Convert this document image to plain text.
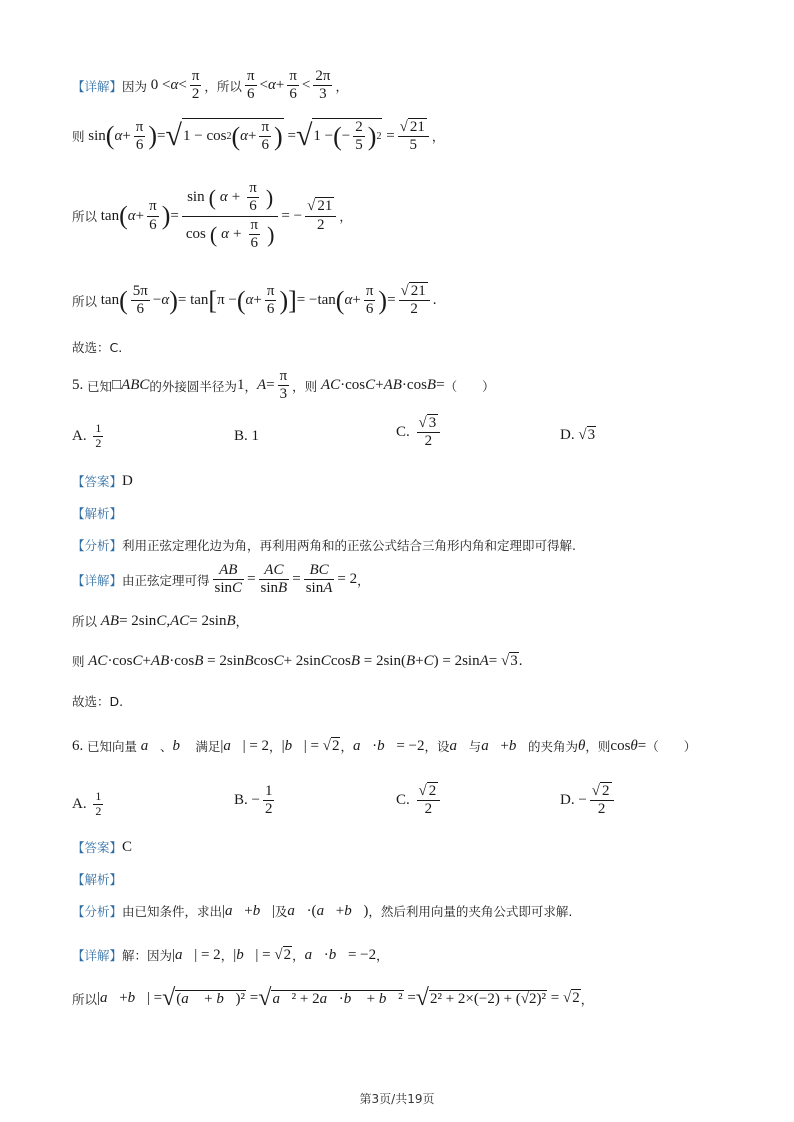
【详解】 因为 0 < α <
π
2 ，所以
π
6
< α +
π
6
<
2π
3 ，
则 sin ( α +
π
6 ) = √ 1 − cos 2 ( α +
π
6 ) = √ 1 − ( −
2
5 ) 2 =
√ 21
5 ，
所以 tan ( α +
π
6 ) =
sin ( α +
π
6 )
cos ( α +
π
6 )
= −
√ 21
2 ，
所以 tan ( 5π
6
− α ) = tan [ π − ( α +
π
6 )] = −tan ( α +
π
6 ) =
√ 21
2
.
故选：C.
5. 已知 □ ABC 的外接圆半径为 1 ， A =
π
3 ，则 AC ·cos C + AB ·cos B = （　　）
A. 1
2	B. 1	C.
√ 3
2	D. √3
【答案】 D
【解析】
【分析】 利用正弦定理化边为角，再利用两角和的正弦公式结合三角形内角和定理即可得解.
【详解】 由正弦定理可得
AB
sinC
=
AC
sinB
=
BC
sinA
= 2 ，
所以 AB = 2sin C , AC = 2sin B ，
则 AC ·cos C + AB ·cos B = 2sin B cos C + 2sin C cos B = 2sin( B + C ) = 2sin A = √3.
故选：D.
6. 已知向量 a⃗ 、 b⃗ 满足 | a⃗ | = 2 ， | b⃗ | = √2 ， a⃗ · b⃗ = −2 ，设 a⃗ 与 a⃗ + b⃗ 的夹角为 θ ，则 cos θ = （　　）
A. 1
2
B. −
1
2
C.
√ 2
2
D. −
√ 2
2
【答案】 C
【解析】
【分析】 由已知条件，求出 | a⃗ + b⃗ | 及 a⃗ ·( a⃗ + b⃗ ) ，然后利用向量的夹角公式即可求解.
【详解】 解：因为 | a⃗ | = 2 ， | b⃗ | = √2 ， a⃗ · b⃗ = −2 ，
所以 | a⃗ + b⃗ | = √ (a⃗ + b⃗)² = √ a⃗² + 2a⃗·b⃗ + b⃗² = √ 2² + 2×(−2) + (√2)² = √2 ，
第3页/共19页
